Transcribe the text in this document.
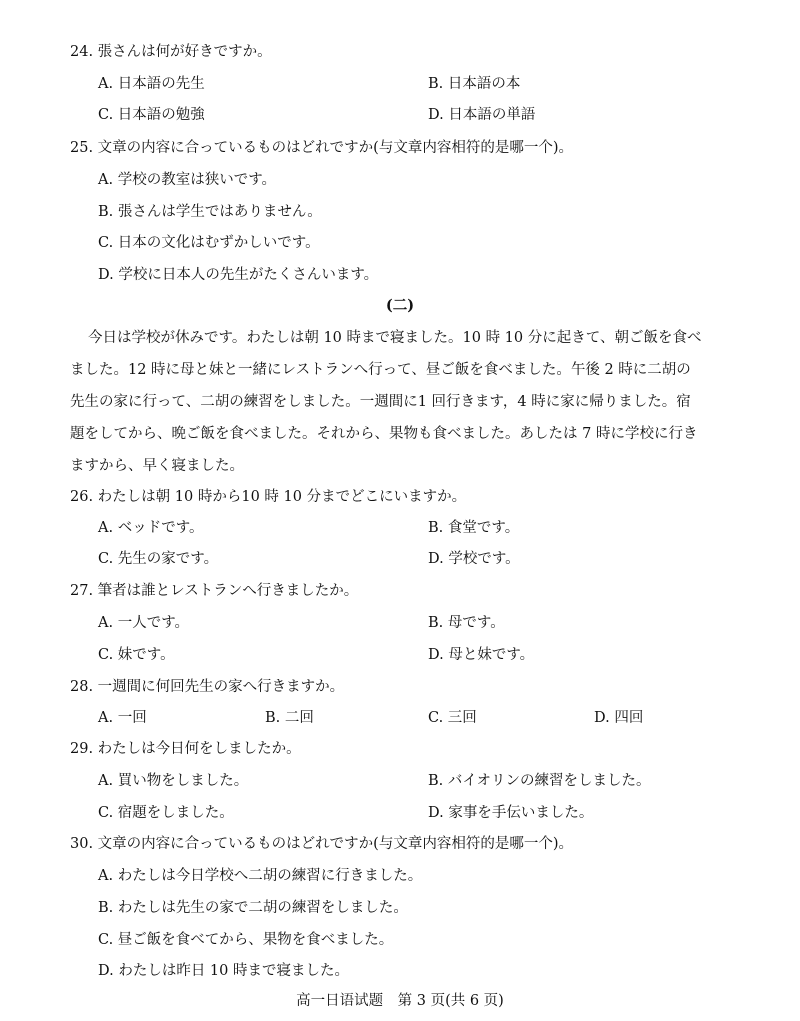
24. 張さんは何が好きですか。
A. 日本語の先生	B. 日本語の本
C. 日本語の勉強	D. 日本語の単語
25. 文章の内容に合っているものはどれですか(与文章内容相符的是哪一个)。
A. 学校の教室は狭いです。
B. 張さんは学生ではありません。
C. 日本の文化はむずかしいです。
D. 学校に日本人の先生がたくさんいます。
(二)
今日は学校が休みです。わたしは朝 10 時まで寝ました。10 時 10 分に起きて、朝ご飯を食べ
ました。12 時に母と妹と一緒にレストランへ行って、昼ご飯を食べました。午後 2 時に二胡の
先生の家に行って、二胡の練習をしました。一週間に1 回行きます，4 時に家に帰りました。宿
題をしてから、晩ご飯を食べました。それから、果物も食べました。あしたは 7 時に学校に行き
ますから、早く寝ました。
26. わたしは朝 10 時から10 時 10 分までどこにいますか。
A. ベッドです。	B. 食堂です。
C. 先生の家です。	D. 学校です。
27. 筆者は誰とレストランへ行きましたか。
A. 一人です。	B. 母です。
C. 妹です。	D. 母と妹です。
28. 一週間に何回先生の家へ行きますか。
A. 一回	B. 二回	C. 三回	D. 四回
29. わたしは今日何をしましたか。
A. 買い物をしました。	B. バイオリンの練習をしました。
C. 宿題をしました。	D. 家事を手伝いました。
30. 文章の内容に合っているものはどれですか(与文章内容相符的是哪一个)。
A. わたしは今日学校へ二胡の練習に行きました。
B. わたしは先生の家で二胡の練習をしました。
C. 昼ご飯を食べてから、果物を食べました。
D. わたしは昨日 10 時まで寝ました。
高一日语试题　第 3 页(共 6 页)
